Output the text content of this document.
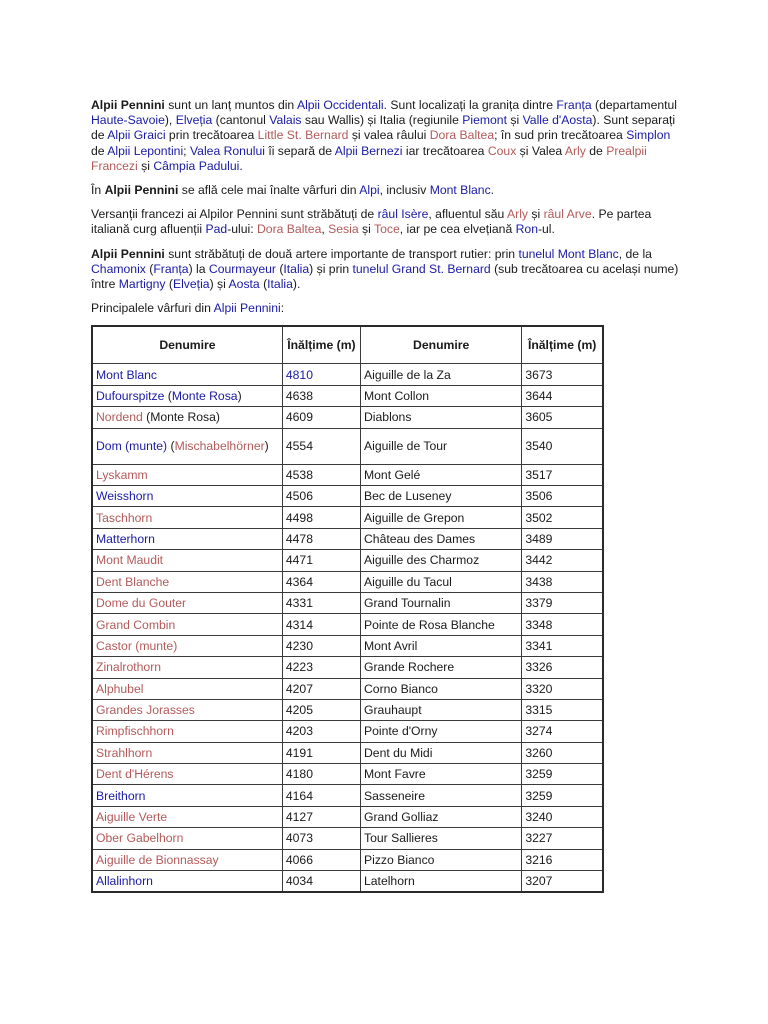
Alpii Pennini sunt un lanț muntos din Alpii Occidentali. Sunt localizați la granița dintre Franța (departamentul Haute-Savoie), Elveția (cantonul Valais sau Wallis) și Italia (regiunile Piemont și Valle d'Aosta). Sunt separați de Alpii Graici prin trecătoarea Little St. Bernard și valea râului Dora Baltea; în sud prin trecătoarea Simplon de Alpii Lepontini; Valea Ronului îi separă de Alpii Bernezi iar trecătoarea Coux și Valea Arly de Prealpii Francezi și Câmpia Padului.

În Alpii Pennini se află cele mai înalte vârfuri din Alpi, inclusiv Mont Blanc.

Versanții francezi ai Alpilor Pennini sunt străbătuți de râul Isère, afluentul său Arly și râul Arve. Pe partea italiană curg afluenții Pad-ului: Dora Baltea, Sesia și Toce, iar pe cea elvețiană Ron-ul.

Alpii Pennini sunt străbătuți de două artere importante de transport rutier: prin tunelul Mont Blanc, de la Chamonix (Franța) la Courmayeur (Italia) și prin tunelul Grand St. Bernard (sub trecătoarea cu același nume) între Martigny (Elveția) și Aosta (Italia).

Principalele vârfuri din Alpii Pennini:

Denumire	Înălțime (m)	Denumire	Înălțime (m)
Mont Blanc	4810	Aiguille de la Za	3673
Dufourspitze (Monte Rosa)	4638	Mont Collon	3644
Nordend (Monte Rosa)	4609	Diablons	3605
Dom (munte) (Mischabelhörner)	4554	Aiguille de Tour	3540
Lyskamm	4538	Mont Gelé	3517
Weisshorn	4506	Bec de Luseney	3506
Taschhorn	4498	Aiguille de Grepon	3502
Matterhorn	4478	Château des Dames	3489
Mont Maudit	4471	Aiguille des Charmoz	3442
Dent Blanche	4364	Aiguille du Tacul	3438
Dome du Gouter	4331	Grand Tournalin	3379
Grand Combin	4314	Pointe de Rosa Blanche	3348
Castor (munte)	4230	Mont Avril	3341
Zinalrothorn	4223	Grande Rochere	3326
Alphubel	4207	Corno Bianco	3320
Grandes Jorasses	4205	Grauhaupt	3315
Rimpfischhorn	4203	Pointe d'Orny	3274
Strahlhorn	4191	Dent du Midi	3260
Dent d'Hérens	4180	Mont Favre	3259
Breithorn	4164	Sasseneire	3259
Aiguille Verte	4127	Grand Golliaz	3240
Ober Gabelhorn	4073	Tour Sallieres	3227
Aiguille de Bionnassay	4066	Pizzo Bianco	3216
Allalinhorn	4034	Latelhorn	3207
